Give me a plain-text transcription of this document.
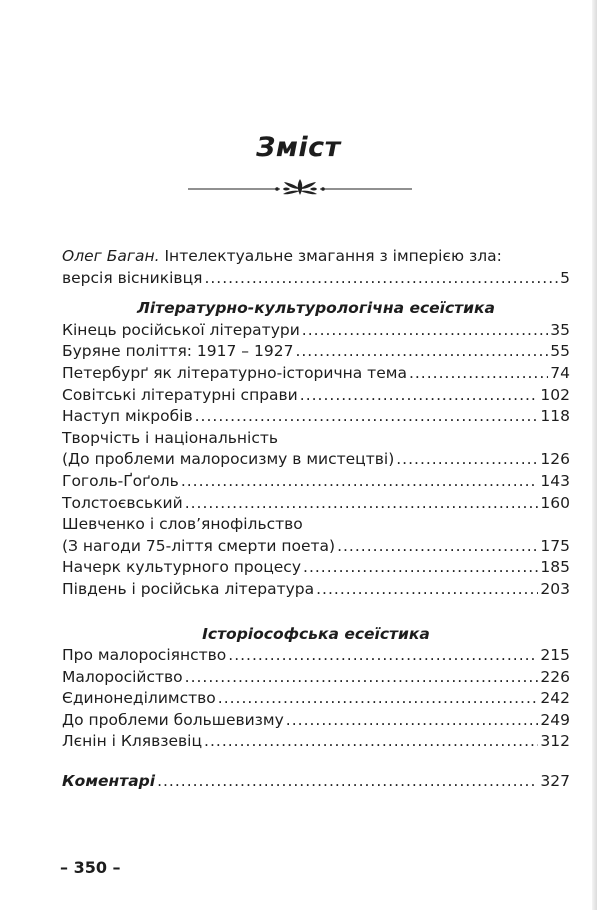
Зміст
Олег Баган. Інтелектуальне змагання з імперією зла:
версія вісниківця .....	5
Літературно-культурологічна есеїстика
Кінець російської літератури .....	35
Буряне поліття: 1917 – 1927 .....	55
Петербурґ як літературно-історична тема .....	74
Совітські літературні справи .....	102
Наступ мікробів .....	118
Творчість і національність
(До проблеми малоросизму в мистецтві) .....	126
Гоголь-Ґоґоль .....	143
Толстоєвський .....	160
Шевченко і слов’янофільство
(З нагоди 75-ліття смерти поета) .....	175
Начерк культурного процесу .....	185
Південь і російська література .....	203
Історіософська есеїстика
Про малоросіянство .....	215
Малоросійство .....	226
Єдинонеділимство .....	242
До проблеми большевизму .....	249
Лєнін і Клявзевіц .....	312
Коментарі .....	327
– 350 –
